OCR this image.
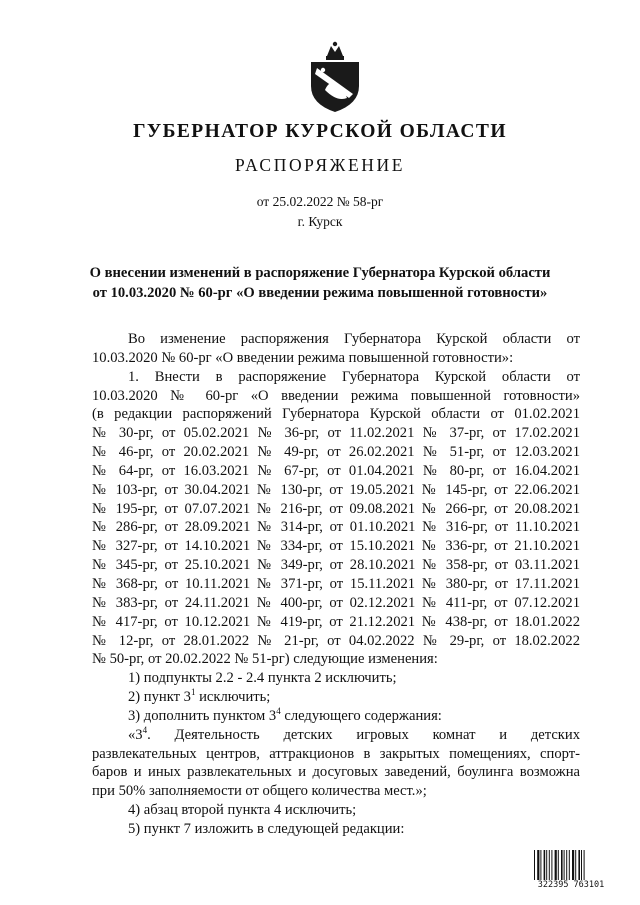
ГУБЕРНАТОР КУРСКОЙ ОБЛАСТИ
РАСПОРЯЖЕНИЕ
от 25.02.2022 № 58-рг
г. Курск
О внесении изменений в распоряжение Губернатора Курской области
от 10.03.2020 № 60-рг «О введении режима повышенной готовности»

Во изменение распоряжения Губернатора Курской области от

10.03.2020 № 60-рг «О введении режима повышенной готовности»:

1. Внести в распоряжение Губернатора Курской области от

10.03.2020 № 60-рг «О введении режима повышенной готовности»

(в редакции распоряжений Губернатора Курской области от 01.02.2021

№ 30-рг, от 05.02.2021 № 36-рг, от 11.02.2021 № 37-рг, от 17.02.2021

№ 46-рг, от 20.02.2021 № 49-рг, от 26.02.2021 № 51-рг, от 12.03.2021

№ 64-рг, от 16.03.2021 № 67-рг, от 01.04.2021 № 80-рг, от 16.04.2021

№ 103-рг, от 30.04.2021 № 130-рг, от 19.05.2021 № 145-рг, от 22.06.2021

№ 195-рг, от 07.07.2021 № 216-рг, от 09.08.2021 № 266-рг, от 20.08.2021

№ 286-рг, от 28.09.2021 № 314-рг, от 01.10.2021 № 316-рг, от 11.10.2021

№ 327-рг, от 14.10.2021 № 334-рг, от 15.10.2021 № 336-рг, от 21.10.2021

№ 345-рг, от 25.10.2021 № 349-рг, от 28.10.2021 № 358-рг, от 03.11.2021

№ 368-рг, от 10.11.2021 № 371-рг, от 15.11.2021 № 380-рг, от 17.11.2021

№ 383-рг, от 24.11.2021 № 400-рг, от 02.12.2021 № 411-рг, от 07.12.2021

№ 417-рг, от 10.12.2021 № 419-рг, от 21.12.2021 № 438-рг, от 18.01.2022

№ 12-рг, от 28.01.2022 № 21-рг, от 04.02.2022 № 29-рг, от 18.02.2022

№ 50-рг, от 20.02.2022 № 51-рг) следующие изменения:

1) подпункты 2.2 - 2.4 пункта 2 исключить;

2) пункт $3^1$ исключить;

3) дополнить пунктом $3^4$ следующего содержания:

«$3^4$. Деятельность детских игровых комнат и детских

развлекательных центров, аттракционов в закрытых помещениях, спорт-баров и иных развлекательных и досуговых заведений, боулинга возможна при 50% заполняемости от общего количества мест.»;

4) абзац второй пункта 4 исключить;

5) пункт 7 изложить в следующей редакции:

322395 763101
